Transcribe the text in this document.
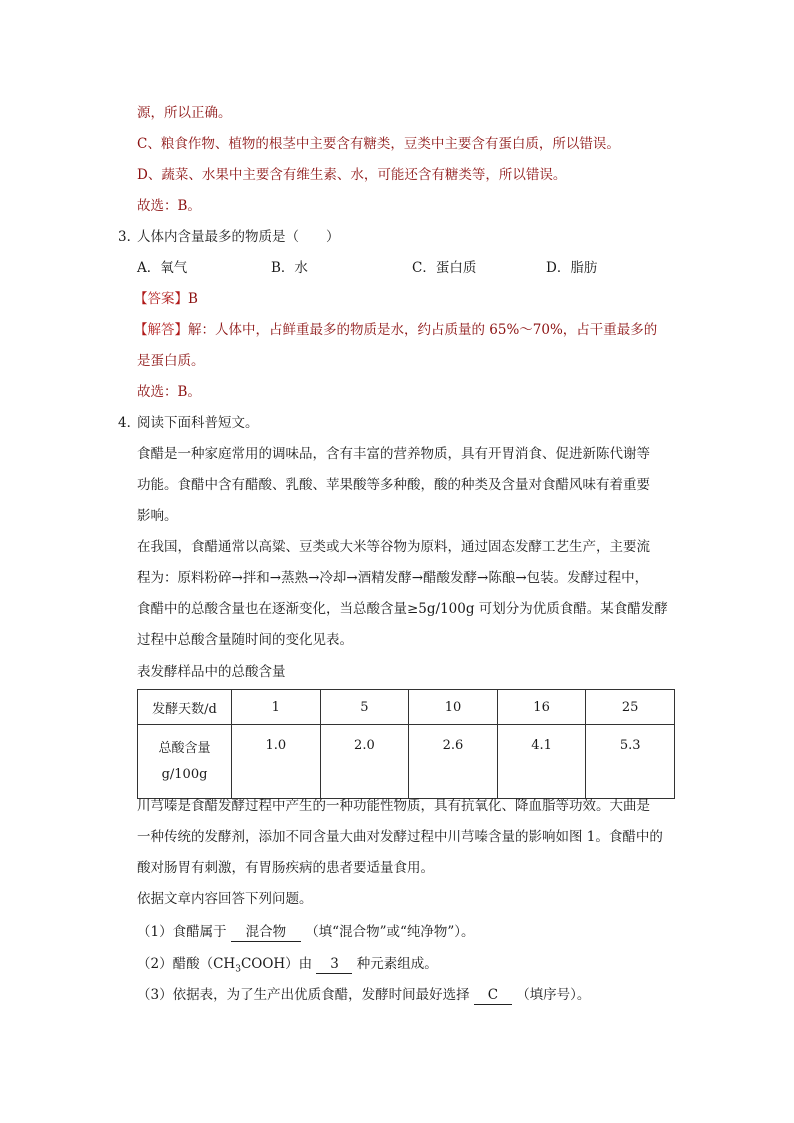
源，所以正确。
C、粮食作物、植物的根茎中主要含有糖类，豆类中主要含有蛋白质，所以错误。
D、蔬菜、水果中主要含有维生素、水，可能还含有糖类等，所以错误。
故选：B。
3．
人体内含量最多的物质是（　　）
A．氧气	B．水	C．蛋白质	D．脂肪
【答案】B
【解答】解：人体中，占鲜重最多的物质是水，约占质量的 65%～70%，占干重最多的
是蛋白质。
故选：B。
4．
阅读下面科普短文。
食醋是一种家庭常用的调味品，含有丰富的营养物质，具有开胃消食、促进新陈代谢等
功能。食醋中含有醋酸、乳酸、苹果酸等多种酸，酸的种类及含量对食醋风味有着重要
影响。
在我国，食醋通常以高粱、豆类或大米等谷物为原料，通过固态发酵工艺生产，主要流
程为：原料粉碎→拌和→蒸熟→冷却→酒精发酵→醋酸发酵→陈酿→包装。发酵过程中，
食醋中的总酸含量也在逐渐变化，当总酸含量≥5g/100g 可划分为优质食醋。某食醋发酵
过程中总酸含量随时间的变化见表。
表发酵样品中的总酸含量
发酵天数/d	1	5	10	16	25

总酸含量
g/100g	1.0	2.0	2.6	4.1	5.3
川芎嗪是食醋发酵过程中产生的一种功能性物质，具有抗氧化、降血脂等功效。大曲是
一种传统的发酵剂，添加不同含量大曲对发酵过程中川芎嗪含量的影响如图 1。食醋中的
酸对肠胃有刺激，有胃肠疾病的患者要适量食用。
依据文章内容回答下列问题。
（1）食醋属于 混合物 （填“混合物”或“纯净物”）。
（2）醋酸$(CH_3COOH)$由 3 种元素组成。
（3）依据表，为了生产出优质食醋，发酵时间最好选择 C （填序号）。
